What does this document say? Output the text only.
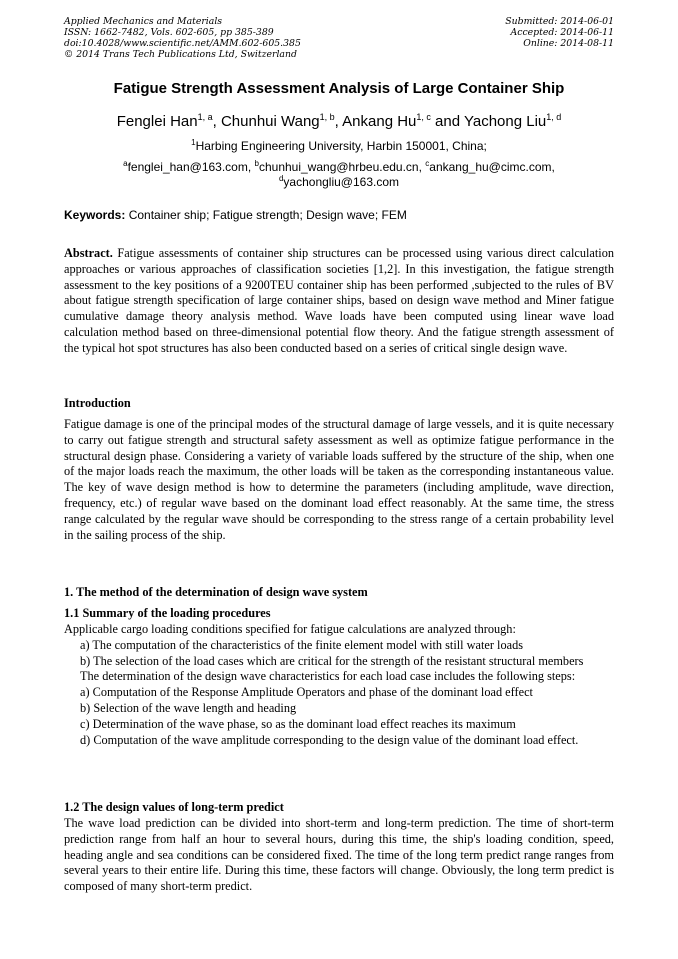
Applied Mechanics and Materials
ISSN: 1662-7482, Vols. 602-605, pp 385-389
doi:10.4028/www.scientific.net/AMM.602-605.385
© 2014 Trans Tech Publications Ltd, Switzerland
Submitted: 2014-06-01
Accepted: 2014-06-11
Online: 2014-08-11
Fatigue Strength Assessment Analysis of Large Container Ship
Fenglei Han$^{1, a}$, Chunhui Wang$^{1, b}$, Ankang Hu$^{1, c}$ and Yachong Liu$^{1, d}$
$^1$Harbing Engineering University, Harbin 150001, China;
$^a$fenglei_han@163.com, $^b$chunhui_wang@hrbeu.edu.cn, $^c$ankang_hu@cimc.com,
$^d$yachongliu@163.com
Keywords: Container ship; Fatigue strength; Design wave; FEM

Abstract. Fatigue assessments of container ship structures can be processed using various direct calculation approaches or various approaches of classification societies [1,2]. In this investigation, the fatigue strength assessment to the key positions of a 9200TEU container ship has been performed ,subjected to the rules of BV about fatigue strength specification of large container ships, based on design wave method and Miner fatigue cumulative damage theory analysis method. Wave loads have been computed using linear wave load calculation method based on three-dimensional potential flow theory. And the fatigue strength assessment of the typical hot spot structures has also been conducted based on a series of critical single design wave.

Introduction

Fatigue damage is one of the principal modes of the structural damage of large vessels, and it is quite necessary to carry out fatigue strength and structural safety assessment as well as optimize fatigue performance in the structural design phase. Considering a variety of variable loads suffered by the structure of the ship, when one of the major loads reach the maximum, the other loads will be taken as the corresponding instantaneous value. The key of wave design method is how to determine the parameters (including amplitude, wave direction, frequency, etc.) of regular wave based on the dominant load effect reasonably. At the same time, the stress range calculated by the regular wave should be corresponding to the stress range of a certain probability level in the sailing process of the ship.

1. The method of the determination of design wave system
1.1 Summary of the loading procedures

Applicable cargo loading conditions specified for fatigue calculations are analyzed through:

a) The computation of the characteristics of the finite element model with still water loads

b) The selection of the load cases which are critical for the strength of the resistant structural members

The determination of the design wave characteristics for each load case includes the following steps:

a) Computation of the Response Amplitude Operators and phase of the dominant load effect

b) Selection of the wave length and heading

c) Determination of the wave phase, so as the dominant load effect reaches its maximum

d) Computation of the wave amplitude corresponding to the design value of the dominant load effect.

1.2 The design values of long-term predict

The wave load prediction can be divided into short-term and long-term prediction. The time of short-term prediction range from half an hour to several hours, during this time, the ship's loading condition, speed, heading angle and sea conditions can be considered fixed. The time of the long term predict range ranges from several years to their entire life. During this time, these factors will change. Obviously, the long term predict is composed of many short-term predict.
